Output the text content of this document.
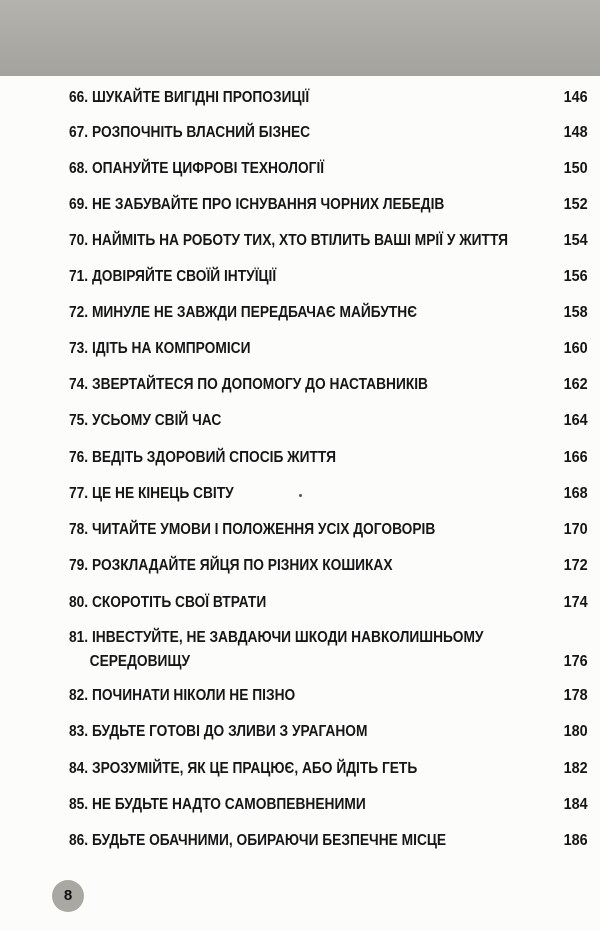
66. ШУКАЙТЕ ВИГІДНІ ПРОПОЗИЦІЇ	146
67. РОЗПОЧНІТЬ ВЛАСНИЙ БІЗНЕС	148
68. ОПАНУЙТЕ ЦИФРОВІ ТЕХНОЛОГІЇ	150
69. НЕ ЗАБУВАЙТЕ ПРО ІСНУВАННЯ ЧОРНИХ ЛЕБЕДІВ	152
70. НАЙМІТЬ НА РОБОТУ ТИХ, ХТО ВТІЛИТЬ ВАШІ МРІЇ У ЖИТТЯ	154
71. ДОВІРЯЙТЕ СВОЇЙ ІНТУЇЦІЇ	156
72. МИНУЛЕ НЕ ЗАВЖДИ ПЕРЕДБАЧАЄ МАЙБУТНЄ	158
73. ІДІТЬ НА КОМПРОМІСИ	160
74. ЗВЕРТАЙТЕСЯ ПО ДОПОМОГУ ДО НАСТАВНИКІВ	162
75. УСЬОМУ СВІЙ ЧАС	164
76. ВЕДІТЬ ЗДОРОВИЙ СПОСІБ ЖИТТЯ	166
77. ЦЕ НЕ КІНЕЦЬ СВІТУ	168
78. ЧИТАЙТЕ УМОВИ І ПОЛОЖЕННЯ УСІХ ДОГОВОРІВ	170
79. РОЗКЛАДАЙТЕ ЯЙЦЯ ПО РІЗНИХ КОШИКАХ	172
80. СКОРОТІТЬ СВОЇ ВТРАТИ	174
81. ІНВЕСТУЙТЕ, НЕ ЗАВДАЮЧИ ШКОДИ НАВКОЛИШНЬОМУ
СЕРЕДОВИЩУ	176
82. ПОЧИНАТИ НІКОЛИ НЕ ПІЗНО	178
83. БУДЬТЕ ГОТОВІ ДО ЗЛИВИ З УРАГАНОМ	180
84. ЗРОЗУМІЙТЕ, ЯК ЦЕ ПРАЦЮЄ, АБО ЙДІТЬ ГЕТЬ	182
85. НЕ БУДЬТЕ НАДТО САМОВПЕВНЕНИМИ	184
86. БУДЬТЕ ОБАЧНИМИ, ОБИРАЮЧИ БЕЗПЕЧНЕ МІСЦЕ	186
8
